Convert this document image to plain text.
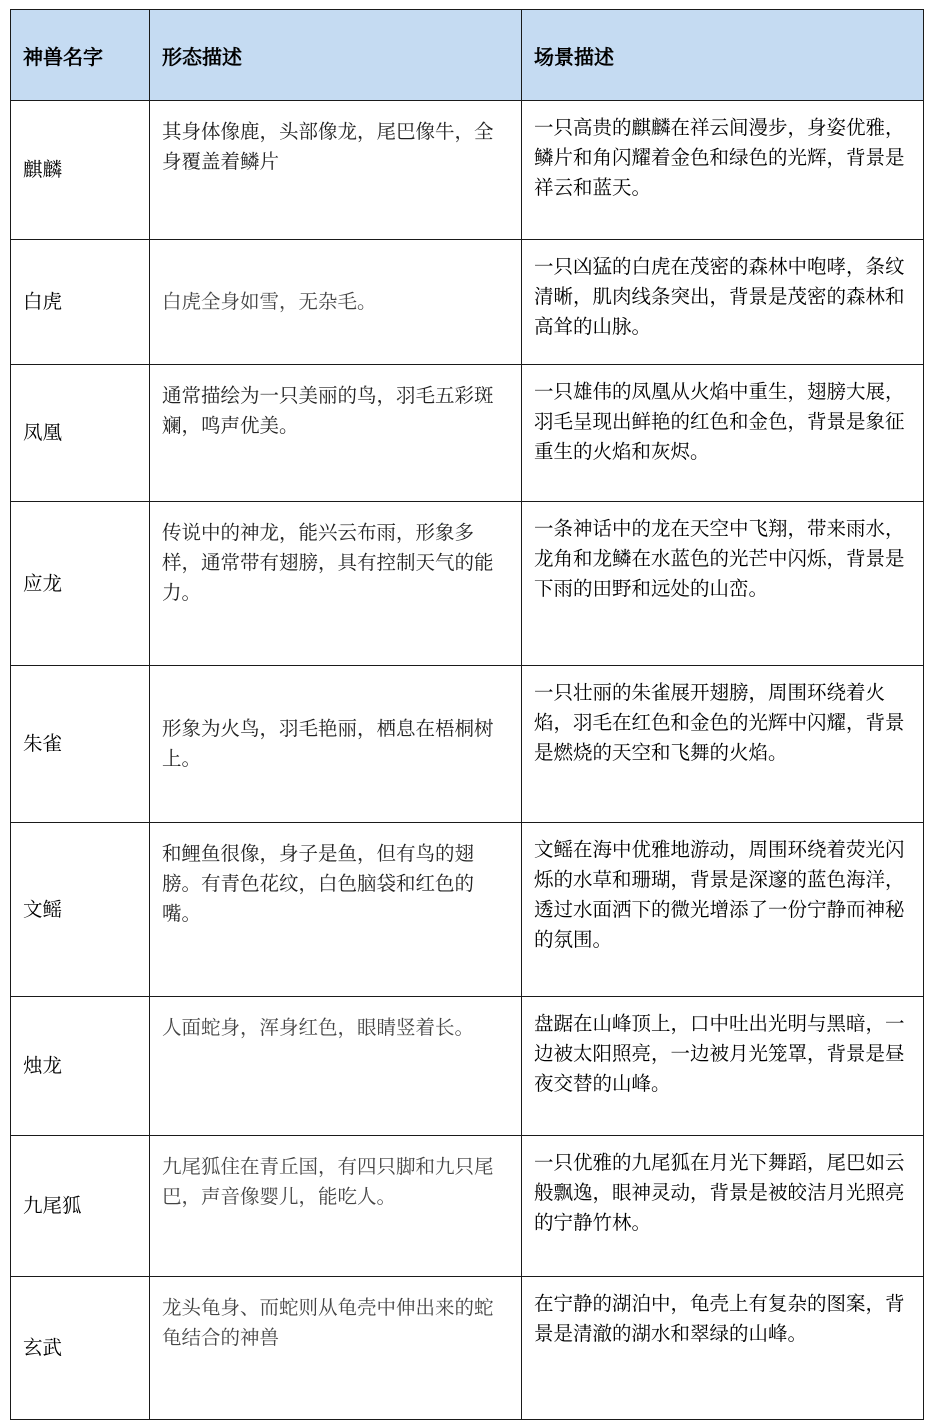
神兽名字	形态描述	场景描述
麒麟	其身体像鹿，头部像龙，尾巴像牛，全身覆盖着鳞片	一只高贵的麒麟在祥云间漫步，身姿优雅，鳞片和角闪耀着金色和绿色的光辉，背景是祥云和蓝天。
白虎	白虎全身如雪，无杂毛。	一只凶猛的白虎在茂密的森林中咆哮，条纹清晰，肌肉线条突出，背景是茂密的森林和高耸的山脉。
凤凰	通常描绘为一只美丽的鸟，羽毛五彩斑斓，鸣声优美。	一只雄伟的凤凰从火焰中重生，翅膀大展，羽毛呈现出鲜艳的红色和金色，背景是象征重生的火焰和灰烬。
应龙	传说中的神龙，能兴云布雨，形象多样，通常带有翅膀，具有控制天气的能力。	一条神话中的龙在天空中飞翔，带来雨水，龙角和龙鳞在水蓝色的光芒中闪烁，背景是下雨的田野和远处的山峦。
朱雀	形象为火鸟，羽毛艳丽，栖息在梧桐树上。	一只壮丽的朱雀展开翅膀，周围环绕着火焰，羽毛在红色和金色的光辉中闪耀，背景是燃烧的天空和飞舞的火焰。
文鳐	和鲤鱼很像，身子是鱼，但有鸟的翅膀。有青色花纹，白色脑袋和红色的嘴。	文鳐在海中优雅地游动，周围环绕着荧光闪烁的水草和珊瑚，背景是深邃的蓝色海洋，透过水面洒下的微光增添了一份宁静而神秘的氛围。
烛龙	人面蛇身，浑身红色，眼睛竖着长。	盘踞在山峰顶上，口中吐出光明与黑暗，一边被太阳照亮，一边被月光笼罩，背景是昼夜交替的山峰。
九尾狐	九尾狐住在青丘国，有四只脚和九只尾巴，声音像婴儿，能吃人。	一只优雅的九尾狐在月光下舞蹈，尾巴如云般飘逸，眼神灵动，背景是被皎洁月光照亮的宁静竹林。
玄武	龙头龟身、而蛇则从龟壳中伸出来的蛇龟结合的神兽	在宁静的湖泊中，龟壳上有复杂的图案，背景是清澈的湖水和翠绿的山峰。
